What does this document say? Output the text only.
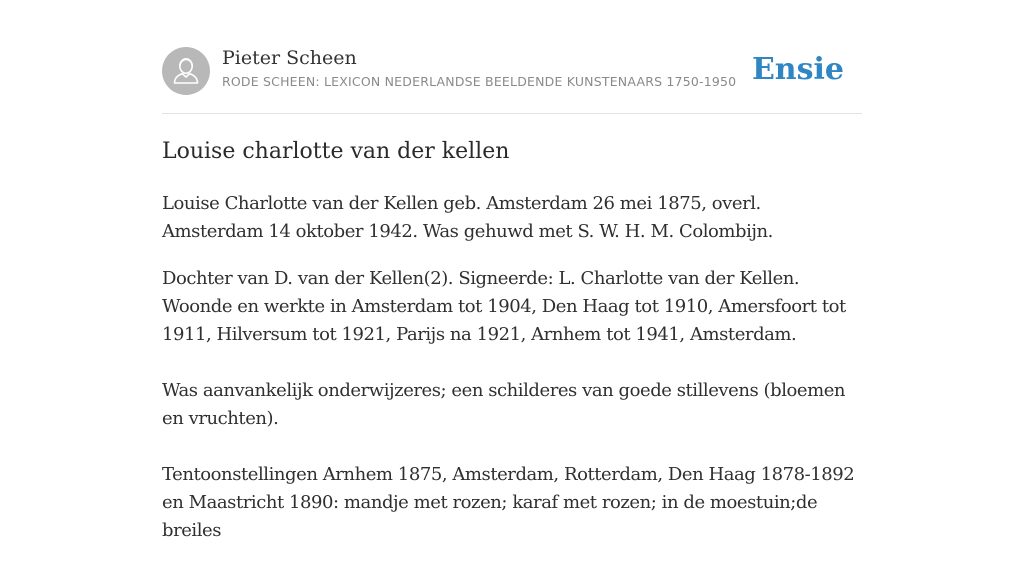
Pieter Scheen
RODE SCHEEN: LEXICON NEDERLANDSE BEELDENDE KUNSTENAARS 1750-1950 Ensie
Louise charlotte van der kellen

Louise Charlotte van der Kellen geb. Amsterdam 26 mei 1875, overl. Amsterdam 14 oktober 1942. Was gehuwd met S. W. H. M. Colombijn.

Dochter van D. van der Kellen(2). Signeerde: L. Charlotte van der Kellen. Woonde en werkte in Amsterdam tot 1904, Den Haag tot 1910, Amersfoort tot 1911, Hilversum tot 1921, Parijs na 1921, Arnhem tot 1941, Amsterdam.

Was aanvankelijk onderwijzeres; een schilderes van goede stillevens (bloemen en vruchten).

Tentoonstellingen Arnhem 1875, Amsterdam, Rotterdam, Den Haag 1878-1892 en Maastricht 1890: mandje met rozen; karaf met rozen; in de moestuin;de breiles
